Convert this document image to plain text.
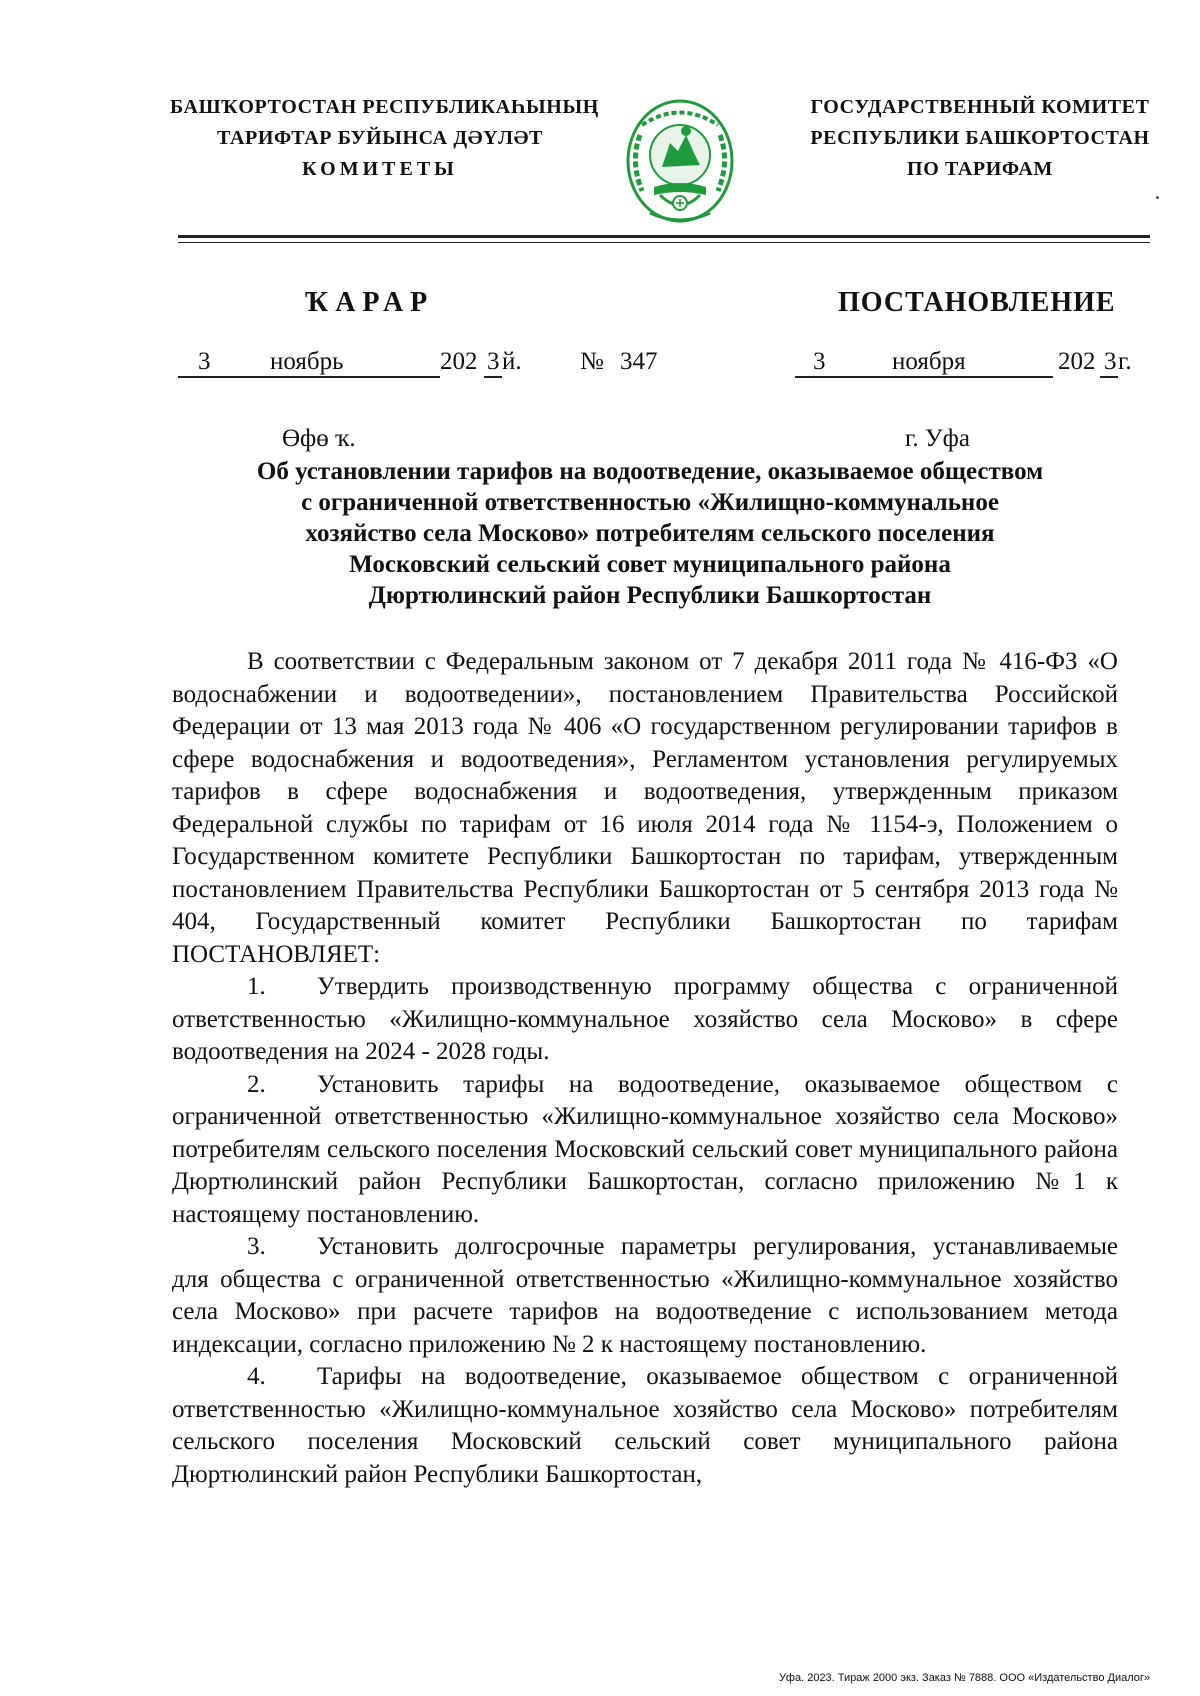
БАШҠОРТОСТАН РЕСПУБЛИКАҺЫНЫҢ
ТАРИФТАР БУЙЫНСА ДӘҮЛӘТ
КОМИТЕТЫ
ГОСУДАРСТВЕННЫЙ КОМИТЕТ
РЕСПУБЛИКИ БАШКОРТОСТАН
ПО ТАРИФАМ
ҠАРАР	ПОСТАНОВЛЕНИЕ
3 ноябрь	202 3 й. № 347	3	ноября	202 3 г.
Өфө ҡ.	г. Уфа
Об установлении тарифов на водоотведение, оказываемое обществом
с ограниченной ответственностью «Жилищно-коммунальное
хозяйство села Москово» потребителям сельского поселения
Московский сельский совет муниципального района
Дюртюлинский район Республики Башкортостан

В соответствии с Федеральным законом от 7 декабря 2011 года № 416-ФЗ «О водоснабжении и водоотведении», постановлением Правительства Российской Федерации от 13 мая 2013 года № 406 «О государственном регулировании тарифов в сфере водоснабжения и водоотведения», Регламентом установления регулируемых тарифов в сфере водоснабжения и водоотведения, утвержденным приказом Федеральной службы по тарифам от 16 июля 2014 года № 1154-э, Положением о Государственном комитете Республики Башкортостан по тарифам, утвержденным постановлением Правительства Республики Башкортостан от 5 сентября 2013 года № 404, Государственный комитет Республики Башкортостан по тарифам ПОСТАНОВЛЯЕТ:

1. Утвердить производственную программу общества с ограниченной ответственностью «Жилищно-коммунальное хозяйство села Москово» в сфере водоотведения на 2024 - 2028 годы.

2. Установить тарифы на водоотведение, оказываемое обществом с ограниченной ответственностью «Жилищно-коммунальное хозяйство села Москово» потребителям сельского поселения Московский сельский совет муниципального района Дюртюлинский район Республики Башкортостан, согласно приложению №1 к настоящему постановлению.

3. Установить долгосрочные параметры регулирования, устанавливаемые для общества с ограниченной ответственностью «Жилищно-коммунальное хозяйство села Москово» при расчете тарифов на водоотведение с использованием метода индексации, согласно приложению № 2 к настоящему постановлению.

4. Тарифы на водоотведение, оказываемое обществом с ограниченной ответственностью «Жилищно-коммунальное хозяйство села Москово» потребителям сельского поселения Московский сельский совет муниципального района Дюртюлинский район Республики Башкортостан,

Уфа. 2023. Тираж 2000 экз. Заказ № 7888. ООО «Издательство Диалог»
